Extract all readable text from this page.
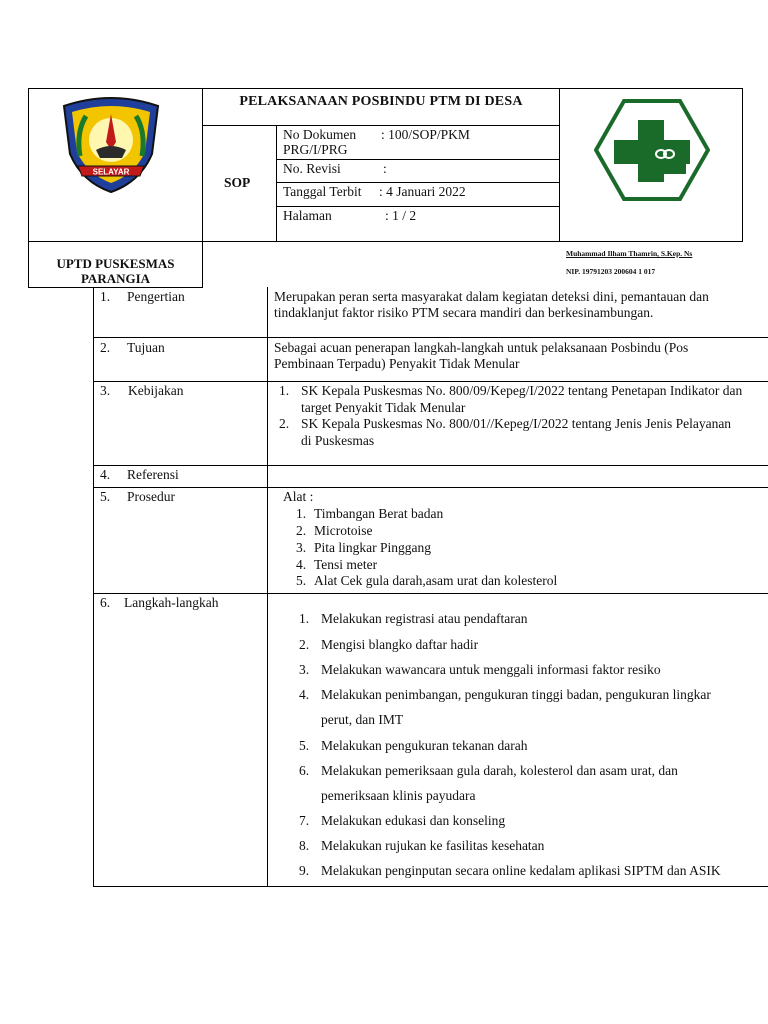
SELAYAR
PELAKSANAAN POSBINDU PTM DI DESA
SOP
No Dokumen : 100/SOP/PKM
PRG/I/PRG
No. Revisi	:
Tanggal Terbit : 4 Januari 2022
Halaman	: 1 / 2
UPTD PUSKESMAS
PARANGIA
Muhammad Ilham Thamrin, S.Kep. Ns
NIP. 19791203 200604 1 017
1. Pengertian	Merupakan peran serta masyarakat dalam kegiatan deteksi dini, pemantauan dan
tindaklanjut faktor risiko PTM secara mandiri dan berkesinambungan.
2. Tujuan	Sebagai acuan penerapan langkah-langkah untuk pelaksanaan Posbindu (Pos
Pembinaan Terpadu) Penyakit Tidak Menular
3. Kebijakan	1. SK Kepala Puskesmas No. 800/09/Kepeg/I/2022 tentang Penetapan Indikator dan
target Penyakit Tidak Menular
2. SK Kepala Puskesmas No. 800/01//Kepeg/I/2022 tentang Jenis Jenis Pelayanan
di Puskesmas
4. Referensi
5. Prosedur	Alat :
1. Timbangan Berat badan
2. Microtoise
3. Pita lingkar Pinggang
4. Tensi meter
5. Alat Cek gula darah,asam urat dan kolesterol
6. Langkah-langkah
1. Melakukan registrasi atau pendaftaran
2. Mengisi blangko daftar hadir
3. Melakukan wawancara untuk menggali informasi faktor resiko
4. Melakukan penimbangan, pengukuran tinggi badan, pengukuran lingkar
perut, dan IMT
5. Melakukan pengukuran tekanan darah
6. Melakukan pemeriksaan gula darah, kolesterol dan asam urat, dan
pemeriksaan klinis payudara
7. Melakukan edukasi dan konseling
8. Melakukan rujukan ke fasilitas kesehatan
9. Melakukan penginputan secara online kedalam aplikasi SIPTM dan ASIK
